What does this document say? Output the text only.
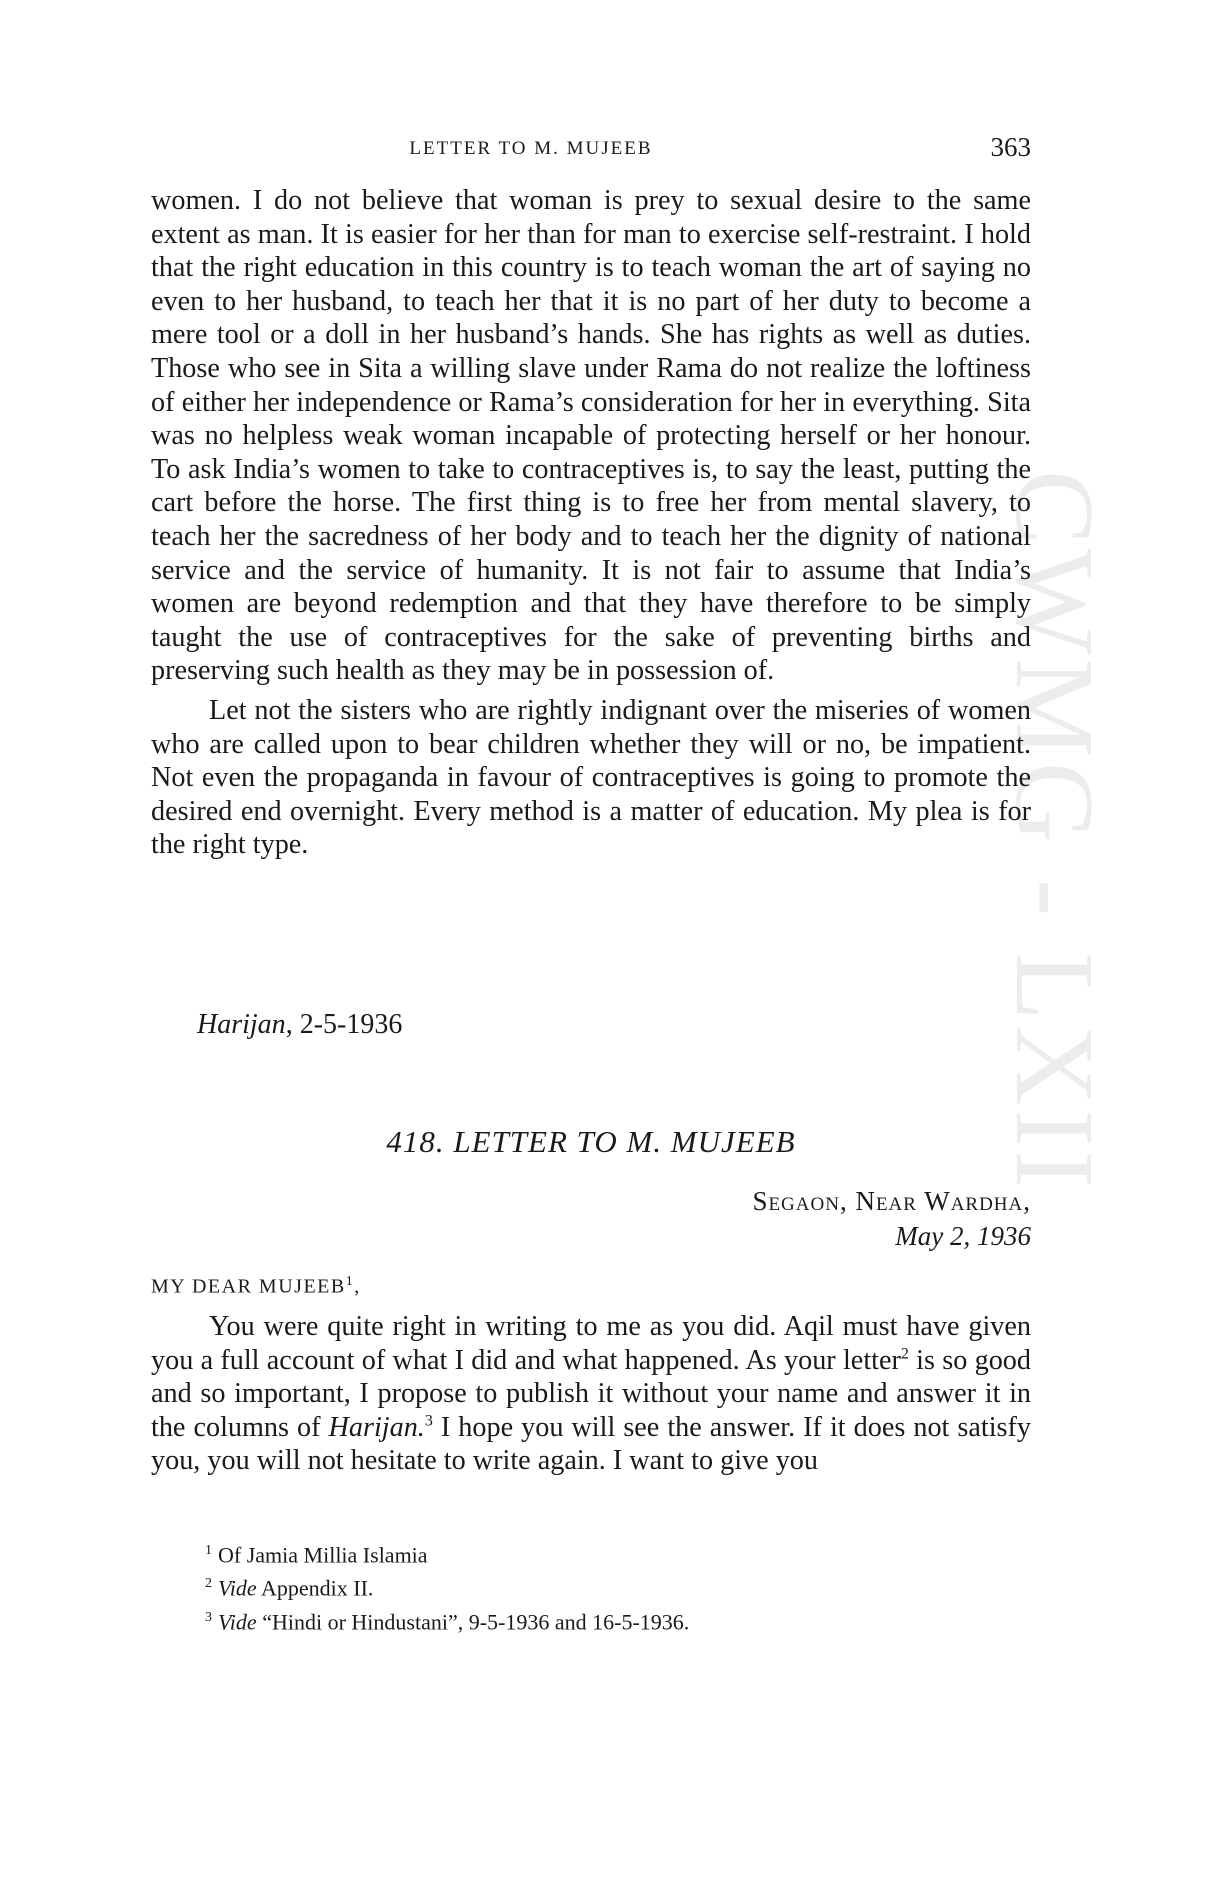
CWMG - LXII
LETTER TO M. MUJEEB	363

women. I do not believe that woman is prey to sexual desire to the same extent as man. It is easier for her than for man to exercise self-restraint. I hold that the right education in this country is to teach woman the art of saying no even to her husband, to teach her that it is no part of her duty to become a mere tool or a doll in her husband’s hands. She has rights as well as duties. Those who see in Sita a willing slave under Rama do not realize the loftiness of either her independence or Rama’s consideration for her in everything. Sita was no helpless weak woman incapable of protecting herself or her honour. To ask India’s women to take to contraceptives is, to say the least, putting the cart before the horse. The first thing is to free her from mental slavery, to teach her the sacredness of her body and to teach her the dignity of national service and the service of humanity. It is not fair to assume that India’s women are beyond redemption and that they have therefore to be simply taught the use of contraceptives for the sake of preventing births and preserving such health as they may be in possession of.

Let not the sisters who are rightly indignant over the miseries of women who are called upon to bear children whether they will or no, be impatient. Not even the propaganda in favour of contraceptives is going to promote the desired end overnight. Every method is a matter of education. My plea is for the right type.

Harijan, 2-5-1936
418. LETTER TO M. MUJEEB
Segaon, Near Wardha,
May 2, 1936
MY DEAR MUJEEB$^1$,

You were quite right in writing to me as you did. Aqil must have given you a full account of what I did and what happened. As your letter$^2$ is so good and so important, I propose to publish it without your name and answer it in the columns of Harijan.$^3$ I hope you will see the answer. If it does not satisfy you, you will not hesitate to write again. I want to give you

$^1$ Of Jamia Millia Islamia
$^2$ Vide Appendix II.
$^3$ Vide “Hindi or Hindustani”, 9-5-1936 and 16-5-1936.
